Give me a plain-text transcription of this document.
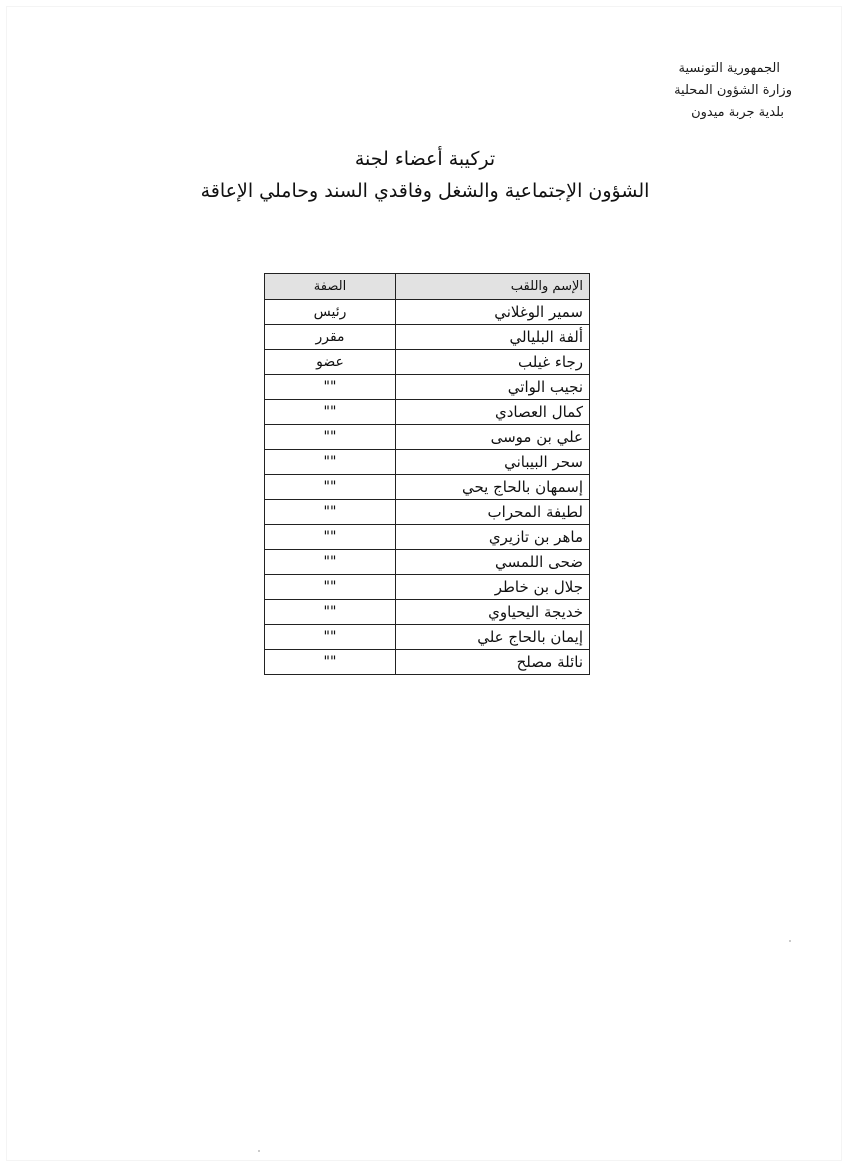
الجمهورية التونسية
وزارة الشؤون المحلية
بلدية جربة ميدون
تركيبة أعضاء لجنة
الشؤون الإجتماعية والشغل وفاقدي السند وحاملي الإعاقة
الإسم واللقب	الصفة
سمير الوغلاني	رئيس
ألفة البليالي	مقرر
رجاء غيلب	عضو
نجيب الواتي	""
كمال العصادي	""
علي بن موسى	""
سحر البيباني	""
إسمهان بالحاج يحي	""
لطيفة المحراب	""
ماهر بن تازيري	""
ضحى اللمسي	""
جلال بن خاطر	""
خديجة اليحياوي	""
إيمان بالحاج علي	""
نائلة مصلح	""
